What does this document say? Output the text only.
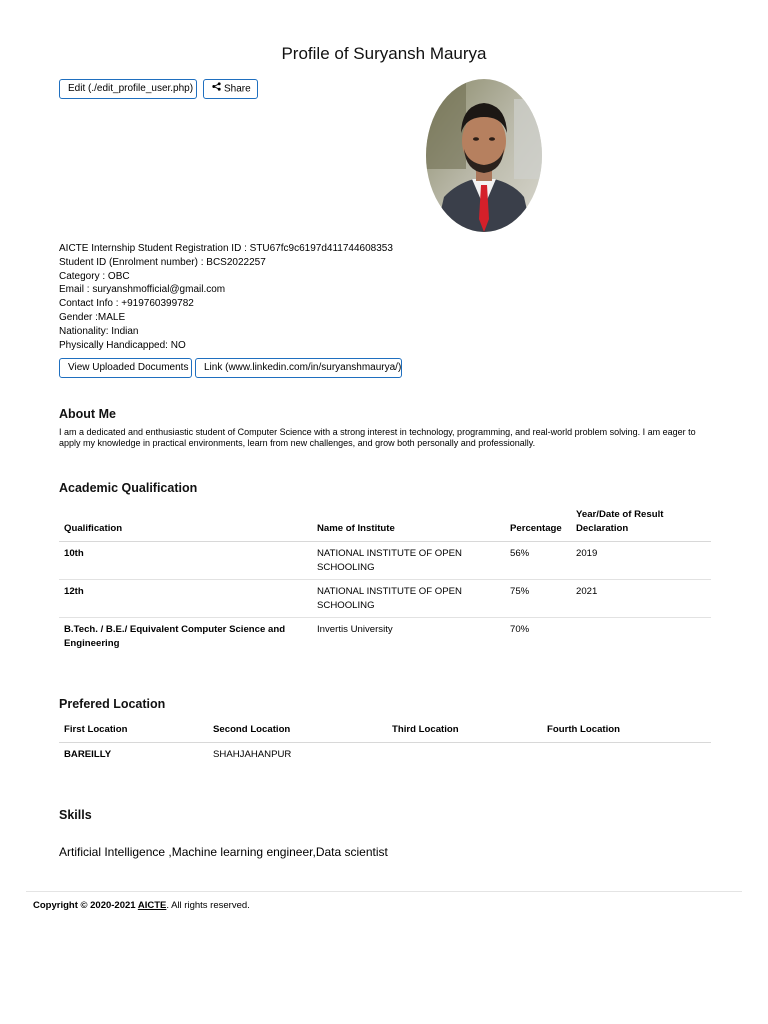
Profile of Suryansh Maurya
Edit (./edit_profile_user.php)	Share
AICTE Internship Student Registration ID : STU67fc9c6197d411744608353
Student ID (Enrolment number) : BCS2022257
Category : OBC
Email : suryanshmofficial@gmail.com
Contact Info : +919760399782
Gender :MALE
Nationality: Indian
Physically Handicapped: NO
View Uploaded Documents	Link (www.linkedin.com/in/suryanshmaurya/)
About Me
I am a dedicated and enthusiastic student of Computer Science with a strong interest in technology, programming, and real-world problem solving. I am eager to apply my knowledge in practical environments, learn from new challenges, and grow both personally and professionally.
Academic Qualification
Qualification	Name of Institute	Percentage	Year/Date of Result Declaration
10th	NATIONAL INSTITUTE OF OPEN SCHOOLING	56%	2019
12th	NATIONAL INSTITUTE OF OPEN SCHOOLING	75%	2021
B.Tech. / B.E./ Equivalent Computer Science and Engineering	Invertis University	70%	
Prefered Location
First Location	Second Location	Third Location	Fourth Location
BAREILLY	SHAHJAHANPUR		
Skills
Artificial Intelligence ,Machine learning engineer,Data scientist
Copyright © 2020-2021 AICTE. All rights reserved.
